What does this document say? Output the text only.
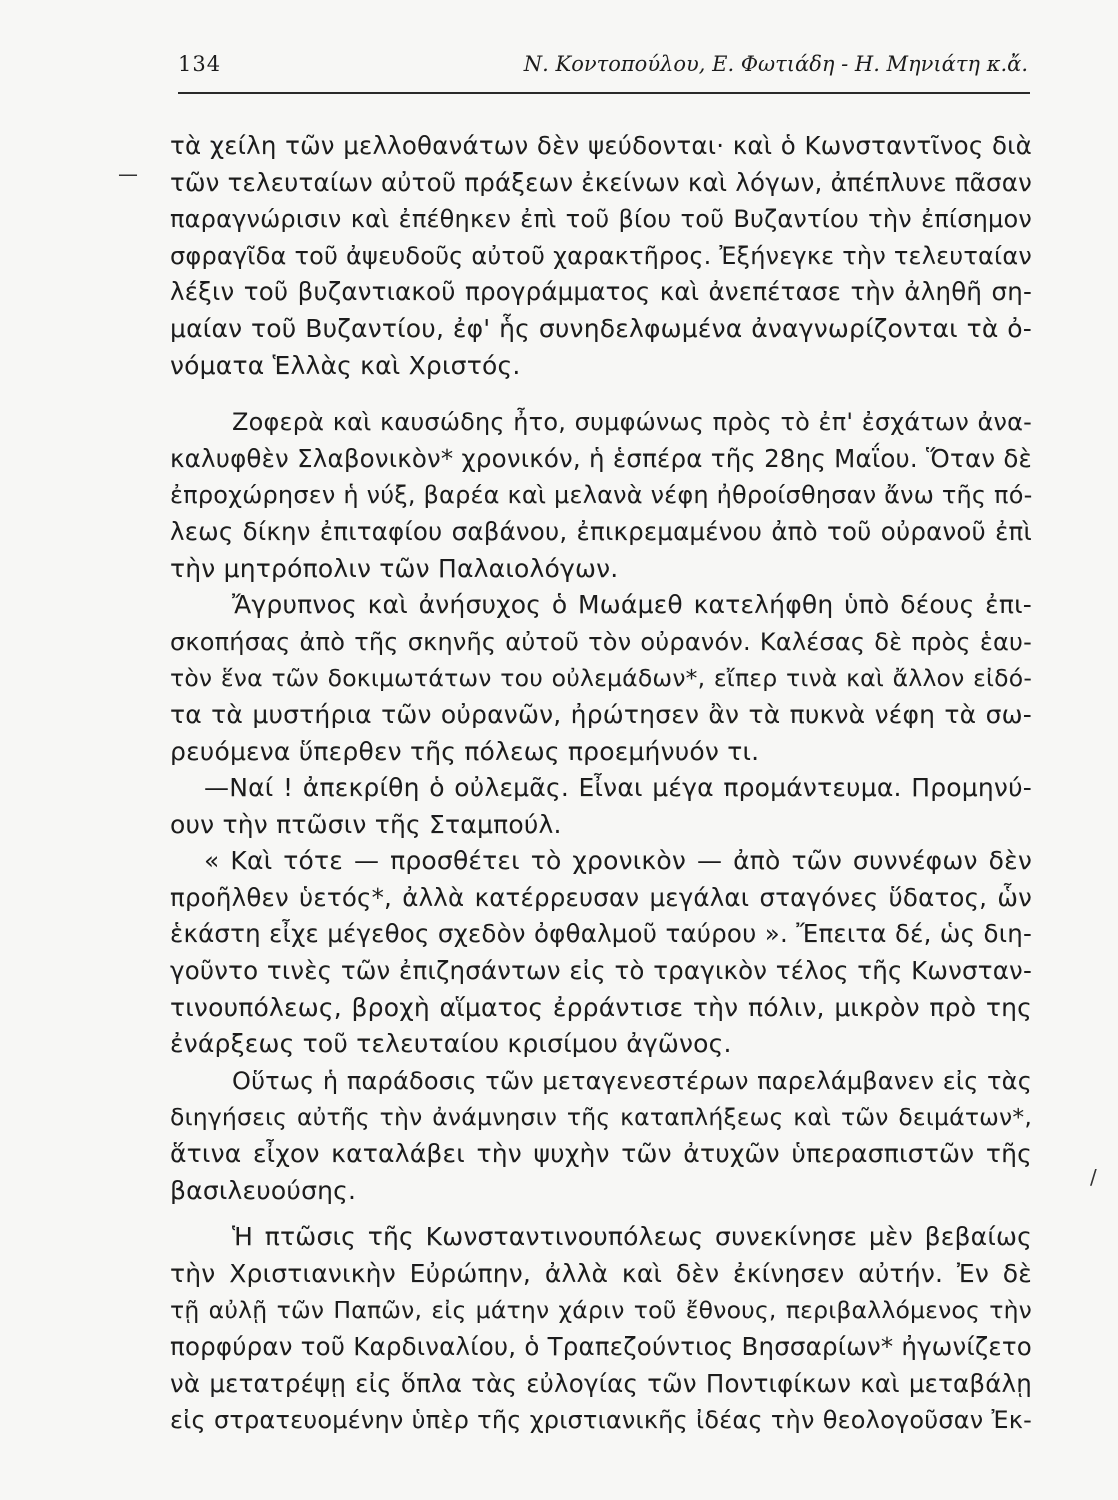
134	Ν. Κοντοπούλου, Ε. Φωτιάδη - Η. Μηνιάτη κ.ἄ.
—
/
τὰ χείλη τῶν μελλοθανάτων δὲν ψεύδονται· καὶ ὁ Κωνσταντῖνος διὰ
τῶν τελευταίων αὐτοῦ πράξεων ἐκείνων καὶ λόγων, ἀπέπλυνε πᾶσαν
παραγνώρισιν καὶ ἐπέθηκεν ἐπὶ τοῦ βίου τοῦ Βυζαντίου τὴν ἐπίσημον
σφραγῖδα τοῦ ἀψευδοῦς αὐτοῦ χαρακτῆρος. Ἐξήνεγκε τὴν τελευταίαν
λέξιν τοῦ βυζαντιακοῦ προγράμματος καὶ ἀνεπέτασε τὴν ἀληθῆ ση-
μαίαν τοῦ Βυζαντίου, ἐφ' ἧς συνηδελφωμένα ἀναγνωρίζονται τὰ ὀ-
νόματα Ἑλλὰς καὶ Χριστός.
Ζοφερὰ καὶ καυσώδης ἦτο, συμφώνως πρὸς τὸ ἐπ' ἐσχάτων ἀνα-
καλυφθὲν Σλαβονικὸν* χρονικόν, ἡ ἑσπέρα τῆς 28ης Μαΐου. Ὅταν δὲ
ἐπροχώρησεν ἡ νύξ, βαρέα καὶ μελανὰ νέφη ἠθροίσθησαν ἄνω τῆς πό-
λεως δίκην ἐπιταφίου σαβάνου, ἐπικρεμαμένου ἀπὸ τοῦ οὐρανοῦ ἐπὶ
τὴν μητρόπολιν τῶν Παλαιολόγων.
Ἄγρυπνος καὶ ἀνήσυχος ὁ Μωάμεθ κατελήφθη ὑπὸ δέους ἐπι-
σκοπήσας ἀπὸ τῆς σκηνῆς αὐτοῦ τὸν οὐρανόν. Καλέσας δὲ πρὸς ἑαυ-
τὸν ἕνα τῶν δοκιμωτάτων του οὐλεμάδων*, εἴπερ τινὰ καὶ ἄλλον εἰδό-
τα τὰ μυστήρια τῶν οὐρανῶν, ἠρώτησεν ἂν τὰ πυκνὰ νέφη τὰ σω-
ρευόμενα ὕπερθεν τῆς πόλεως προεμήνυόν τι.
—Ναί ! ἀπεκρίθη ὁ οὐλεμᾶς. Εἶναι μέγα προμάντευμα. Προμηνύ-
ουν τὴν πτῶσιν τῆς Σταμπούλ.
« Καὶ τότε — προσθέτει τὸ χρονικὸν — ἀπὸ τῶν συννέφων δὲν
προῆλθεν ὑετός*, ἀλλὰ κατέρρευσαν μεγάλαι σταγόνες ὕδατος, ὧν
ἑκάστη εἶχε μέγεθος σχεδὸν ὀφθαλμοῦ ταύρου ». Ἔπειτα δέ, ὡς διη-
γοῦντο τινὲς τῶν ἐπιζησάντων εἰς τὸ τραγικὸν τέλος τῆς Κωνσταν-
τινουπόλεως, βροχὴ αἵματος ἐρράντισε τὴν πόλιν, μικρὸν πρὸ της
ἐνάρξεως τοῦ τελευταίου κρισίμου ἀγῶνος.
Οὕτως ἡ παράδοσις τῶν μεταγενεστέρων παρελάμβανεν εἰς τὰς
διηγήσεις αὐτῆς τὴν ἀνάμνησιν τῆς καταπλήξεως καὶ τῶν δειμάτων*,
ἅτινα εἶχον καταλάβει τὴν ψυχὴν τῶν ἀτυχῶν ὑπερασπιστῶν τῆς
βασιλευούσης.
Ἡ πτῶσις τῆς Κωνσταντινουπόλεως συνεκίνησε μὲν βεβαίως
τὴν Χριστιανικὴν Εὐρώπην, ἀλλὰ καὶ δὲν ἐκίνησεν αὐτήν. Ἐν δὲ
τῇ αὐλῇ τῶν Παπῶν, εἰς μάτην χάριν τοῦ ἔθνους, περιβαλλόμενος τὴν
πορφύραν τοῦ Καρδιναλίου, ὁ Τραπεζούντιος Βησσαρίων* ἠγωνίζετο
νὰ μετατρέψῃ εἰς ὅπλα τὰς εὐλογίας τῶν Ποντιφίκων καὶ μεταβάλῃ
εἰς στρατευομένην ὑπὲρ τῆς χριστιανικῆς ἰδέας τὴν θεολογοῦσαν Ἐκ-
